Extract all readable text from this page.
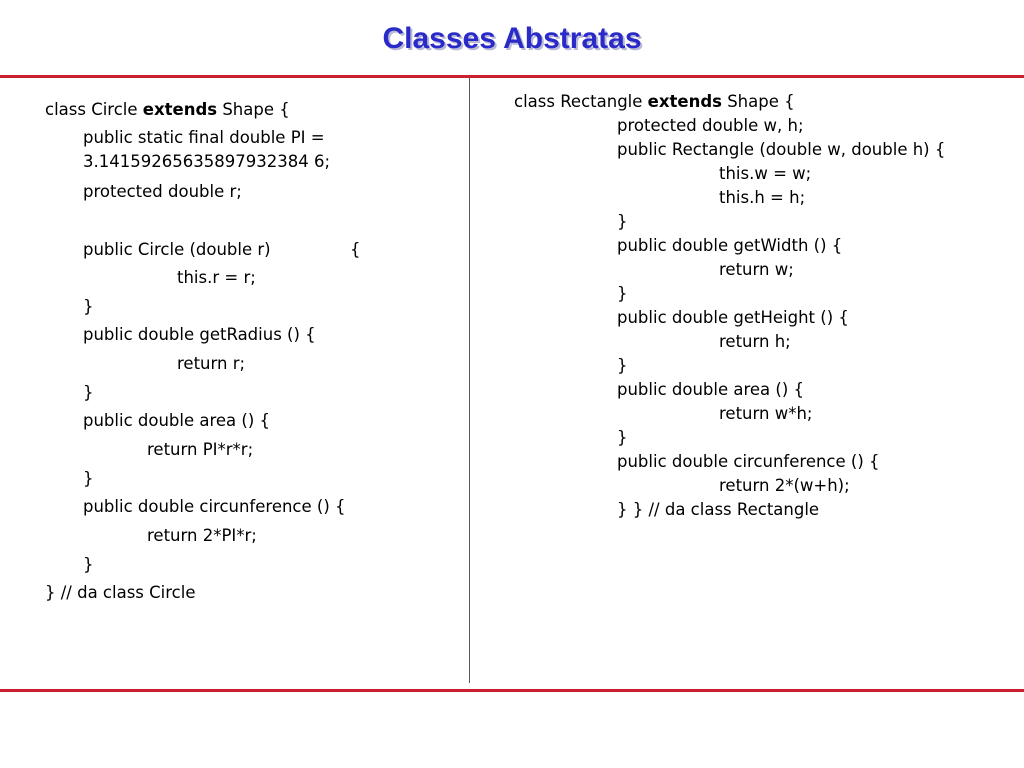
Classes Abstratas

class Circle extends Shape {

public static final double PI =

3.14159265635897932384 6;

protected double r;

public Circle (double r)	{

this.r = r;

}

public double getRadius () {

return r;

}

public double area () {

return PI*r*r;

}

public double circunference () {

return 2*PI*r;

}

} // da class Circle

class Rectangle extends Shape {

protected double w, h;

public Rectangle (double w, double h) {

this.w = w;

this.h = h;

}

public double getWidth () {

return w;

}

public double getHeight () {

return h;

}

public double area () {

return w*h;

}

public double circunference () {

return 2*(w+h);

} } // da class Rectangle
